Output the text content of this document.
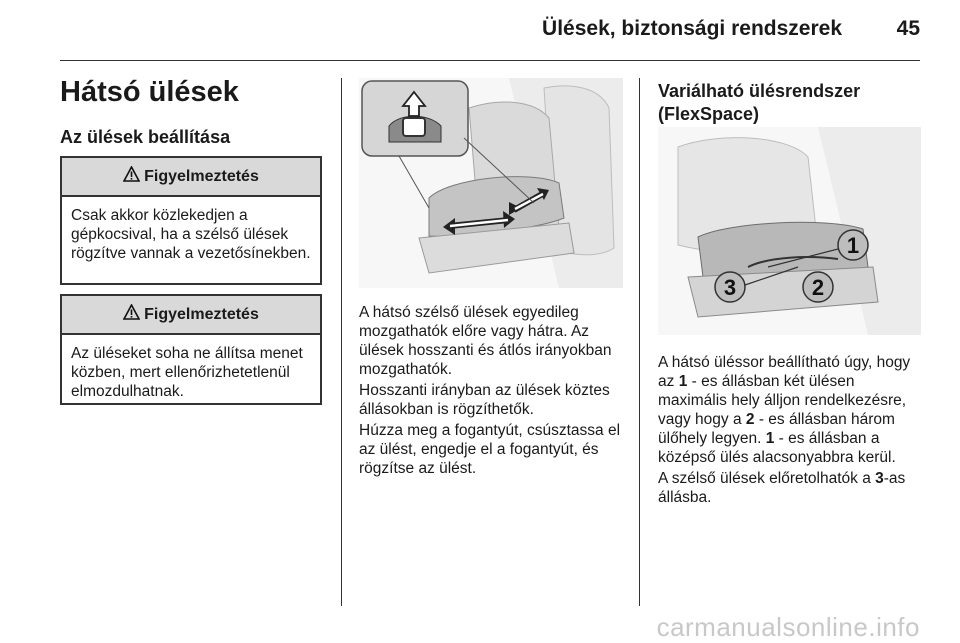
Ülések, biztonsági rendszerek	45
Hátsó ülések
Az ülések beállítása
Figyelmeztetés
Csak akkor közlekedjen a gépkocsival, ha a szélső ülések rögzítve vannak a vezetősínekben.
Figyelmeztetés
Az üléseket soha ne állítsa menet közben, mert ellenőrizhetetlenül elmozdulhatnak.
A hátsó szélső ülések egyedileg mozgathatók előre vagy hátra. Az ülések hosszanti és átlós irányokban mozgathatók.
Hosszanti irányban az ülések köztes állásokban is rögzíthetők.
Húzza meg a fogantyút, csúsztassa el az ülést, engedje el a fogantyút, és rögzítse az ülést.
Variálható ülésrendszer
(FlexSpace)
1
2
3
A hátsó üléssor beállítható úgy, hogy az 1 - es állásban két ülésen maximális hely álljon rendelkezésre, vagy hogy a 2 - es állásban három ülőhely legyen. 1 - es állásban a középső ülés alacsonyabbra kerül.
A szélső ülések előretolhatók a 3-as állásba.
carmanualsonline.info
